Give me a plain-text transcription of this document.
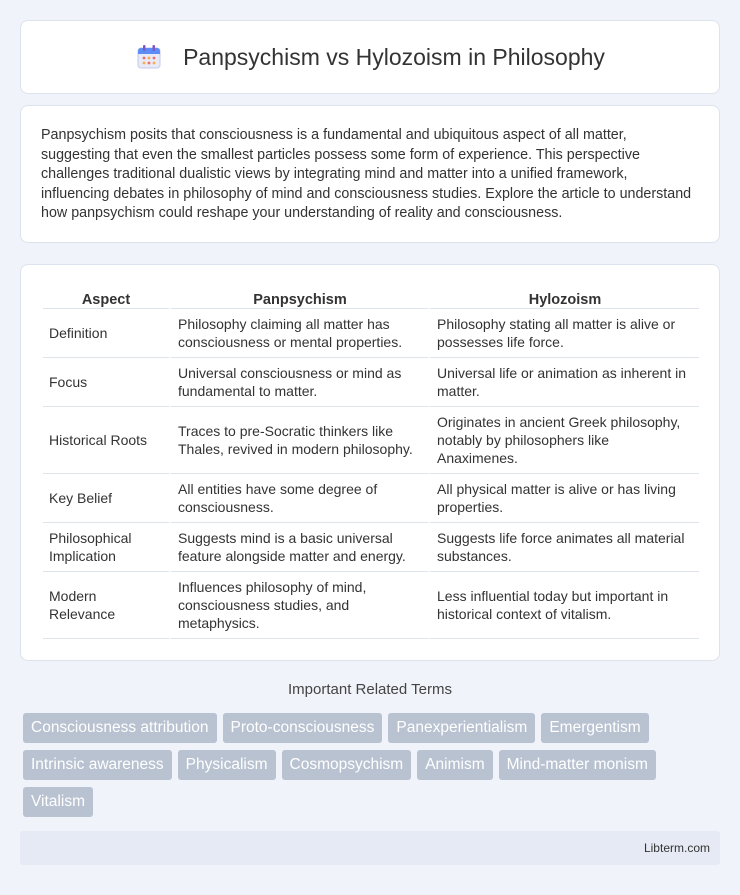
Panpsychism vs Hylozoism in Philosophy

Panpsychism posits that consciousness is a fundamental and ubiquitous aspect of all matter, suggesting that even the smallest particles possess some form of experience. This perspective challenges traditional dualistic views by integrating mind and matter into a unified framework, influencing debates in philosophy of mind and consciousness studies. Explore the article to understand how panpsychism could reshape your understanding of reality and consciousness.

Aspect	Panpsychism	Hylozoism
Definition	Philosophy claiming all matter has consciousness or mental properties.	Philosophy stating all matter is alive or possesses life force.
Focus	Universal consciousness or mind as fundamental to matter.	Universal life or animation as inherent in matter.
Historical Roots	Traces to pre-Socratic thinkers like Thales, revived in modern philosophy.	Originates in ancient Greek philosophy, notably by philosophers like Anaximenes.
Key Belief	All entities have some degree of consciousness.	All physical matter is alive or has living properties.
Philosophical Implication	Suggests mind is a basic universal feature alongside matter and energy.	Suggests life force animates all material substances.
Modern Relevance	Influences philosophy of mind, consciousness studies, and metaphysics.	Less influential today but important in historical context of vitalism.
Important Related Terms
Consciousness attribution	Proto-consciousness	Panexperientialism	Emergentism
Intrinsic awareness	Physicalism	Cosmopsychism	Animism	Mind-matter monism
Vitalism
Libterm.com
